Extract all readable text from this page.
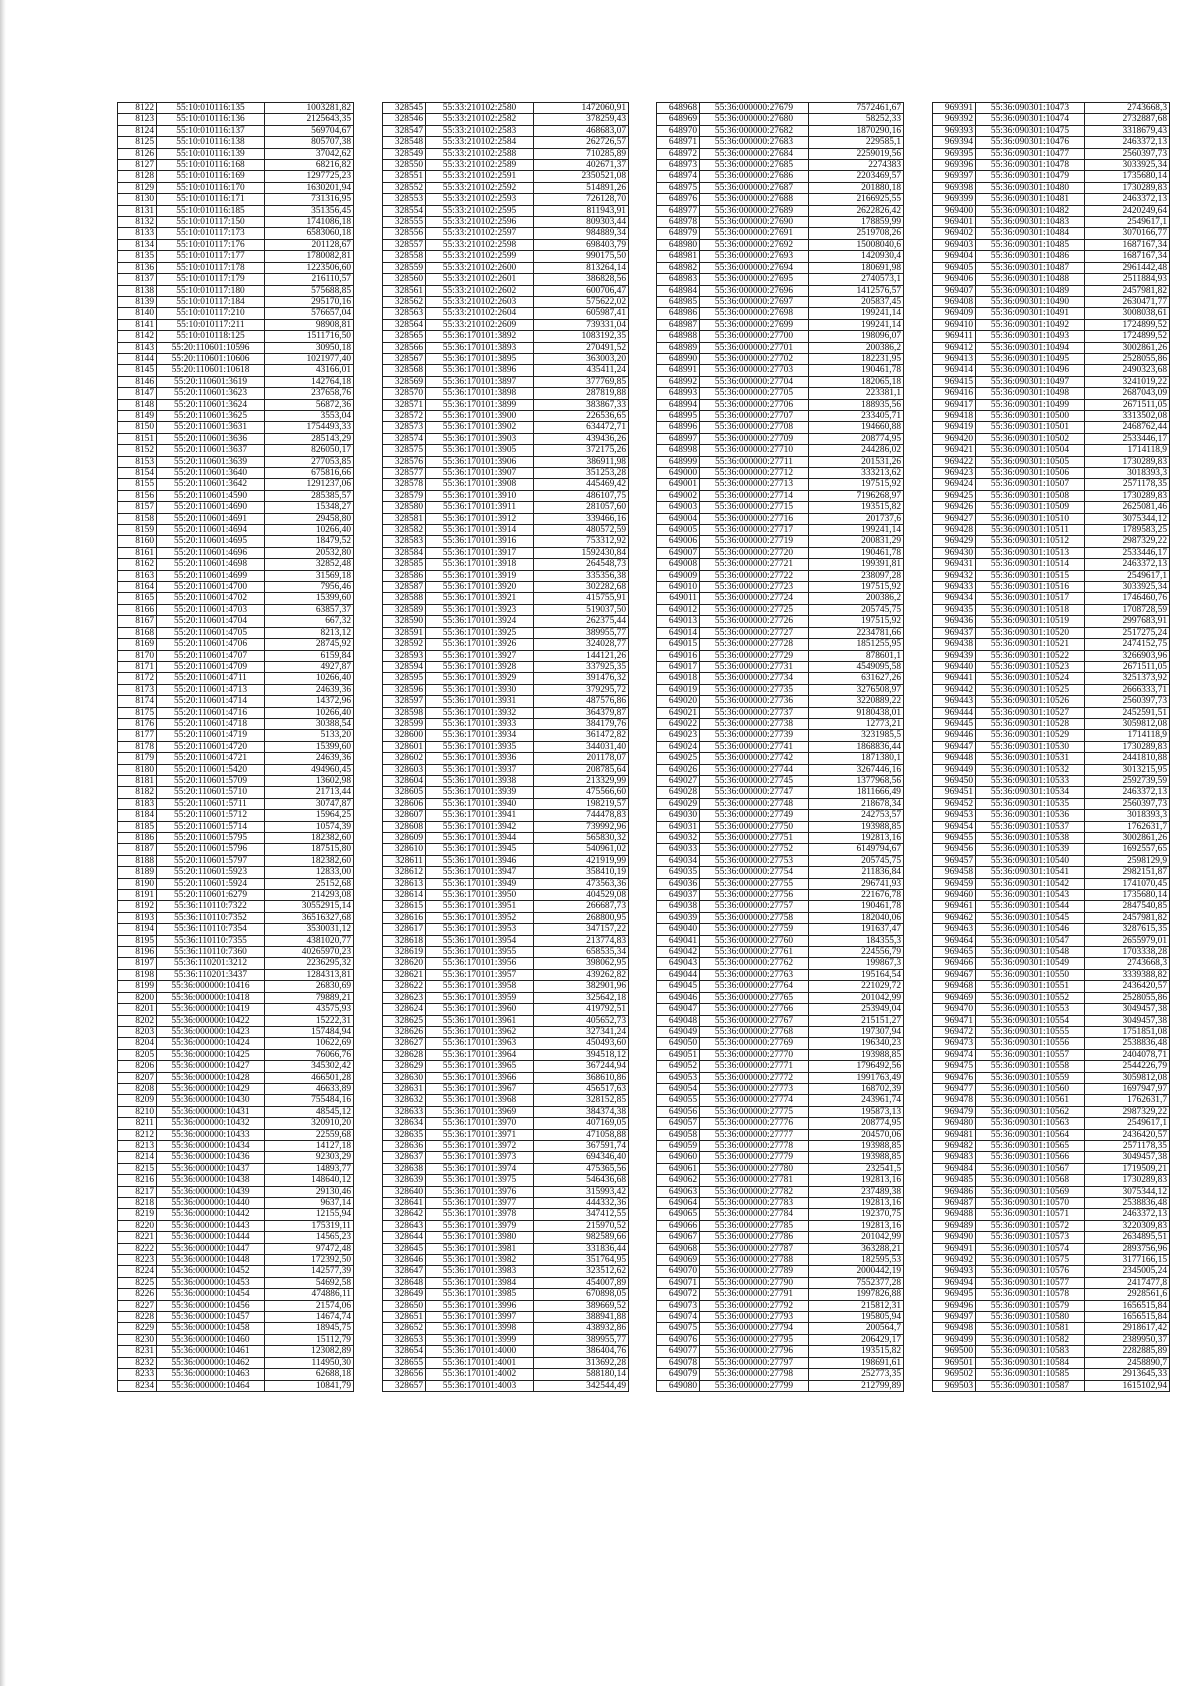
8122	55:10:010116:135	1003281,82
8123	55:10:010116:136	2125643,35
8124	55:10:010116:137	569704,67
8125	55:10:010116:138	805707,38
8126	55:10:010116:139	37042,62
8127	55:10:010116:168	68216,82
8128	55:10:010116:169	1297725,23
8129	55:10:010116:170	1630201,94
8130	55:10:010116:171	731316,95
8131	55:10:010116:185	351356,45
8132	55:10:010117:150	1741086,18
8133	55:10:010117:173	6583060,18
8134	55:10:010117:176	201128,67
8135	55:10:010117:177	1780082,81
8136	55:10:010117:178	1223506,60
8137	55:10:010117:179	216110,57
8138	55:10:010117:180	575688,85
8139	55:10:010117:184	295170,16
8140	55:10:010117:210	576657,04
8141	55:10:010117:211	98908,81
8142	55:10:010118:125	1511716,50
8143	55:20:110601:10596	30950,18
8144	55:20:110601:10606	1021977,40
8145	55:20:110601:10618	43166,01
8146	55:20:110601:3619	142764,18
8147	55:20:110601:3623	237658,76
8148	55:20:110601:3624	56872,36
8149	55:20:110601:3625	3553,04
8150	55:20:110601:3631	1754493,33
8151	55:20:110601:3636	285143,29
8152	55:20:110601:3637	826050,17
8153	55:20:110601:3639	277053,85
8154	55:20:110601:3640	675816,66
8155	55:20:110601:3642	1291237,06
8156	55:20:110601:4590	285385,57
8157	55:20:110601:4690	15348,27
8158	55:20:110601:4691	29458,80
8159	55:20:110601:4694	10266,40
8160	55:20:110601:4695	18479,52
8161	55:20:110601:4696	20532,80
8162	55:20:110601:4698	32852,48
8163	55:20:110601:4699	31569,18
8164	55:20:110601:4700	7956,46
8165	55:20:110601:4702	15399,60
8166	55:20:110601:4703	63857,37
8167	55:20:110601:4704	667,32
8168	55:20:110601:4705	8213,12
8169	55:20:110601:4706	28745,92
8170	55:20:110601:4707	6159,84
8171	55:20:110601:4709	4927,87
8172	55:20:110601:4711	10266,40
8173	55:20:110601:4713	24639,36
8174	55:20:110601:4714	14372,96
8175	55:20:110601:4716	10266,40
8176	55:20:110601:4718	30388,54
8177	55:20:110601:4719	5133,20
8178	55:20:110601:4720	15399,60
8179	55:20:110601:4721	24639,36
8180	55:20:110601:5420	494960,45
8181	55:20:110601:5709	13602,98
8182	55:20:110601:5710	21713,44
8183	55:20:110601:5711	30747,87
8184	55:20:110601:5712	15964,25
8185	55:20:110601:5714	10574,39
8186	55:20:110601:5795	182382,60
8187	55:20:110601:5796	187515,80
8188	55:20:110601:5797	182382,60
8189	55:20:110601:5923	12833,00
8190	55:20:110601:5924	25152,68
8191	55:20:110601:6279	214293,08
8192	55:36:110110:7322	30552915,14
8193	55:36:110110:7352	36516327,68
8194	55:36:110110:7354	3530031,12
8195	55:36:110110:7355	4381020,77
8196	55:36:110110:7360	40265970,23
8197	55:36:110201:3212	2236295,32
8198	55:36:110201:3437	1284313,81
8199	55:36:000000:10416	26830,69
8200	55:36:000000:10418	79889,21
8201	55:36:000000:10419	43575,93
8202	55:36:000000:10422	15222,31
8203	55:36:000000:10423	157484,94
8204	55:36:000000:10424	10622,69
8205	55:36:000000:10425	76066,76
8206	55:36:000000:10427	345302,42
8207	55:36:000000:10428	466501,28
8208	55:36:000000:10429	46633,89
8209	55:36:000000:10430	755484,16
8210	55:36:000000:10431	48545,12
8211	55:36:000000:10432	320910,20
8212	55:36:000000:10433	22559,68
8213	55:36:000000:10434	14127,18
8214	55:36:000000:10436	92303,29
8215	55:36:000000:10437	14893,77
8216	55:36:000000:10438	148640,12
8217	55:36:000000:10439	29130,46
8218	55:36:000000:10440	9637,14
8219	55:36:000000:10442	12155,94
8220	55:36:000000:10443	175319,11
8221	55:36:000000:10444	14565,23
8222	55:36:000000:10447	97472,48
8223	55:36:000000:10448	172392,50
8224	55:36:000000:10452	142577,39
8225	55:36:000000:10453	54692,58
8226	55:36:000000:10454	474886,11
8227	55:36:000000:10456	21574,06
8228	55:36:000000:10457	14674,74
8229	55:36:000000:10458	18945,75
8230	55:36:000000:10460	15112,79
8231	55:36:000000:10461	123082,89
8232	55:36:000000:10462	114950,30
8233	55:36:000000:10463	62688,18
8234	55:36:000000:10464	10841,79
328545	55:33:210102:2580	1472060,91
328546	55:33:210102:2582	378259,43
328547	55:33:210102:2583	468683,07
328548	55:33:210102:2584	262726,57
328549	55:33:210102:2588	710285,89
328550	55:33:210102:2589	402671,37
328551	55:33:210102:2591	2350521,08
328552	55:33:210102:2592	514891,26
328553	55:33:210102:2593	726128,70
328554	55:33:210102:2595	811943,91
328555	55:33:210102:2596	809303,44
328556	55:33:210102:2597	984889,34
328557	55:33:210102:2598	698403,79
328558	55:33:210102:2599	990175,50
328559	55:33:210102:2600	813264,14
328560	55:33:210102:2601	386828,56
328561	55:33:210102:2602	600706,47
328562	55:33:210102:2603	575622,02
328563	55:33:210102:2604	605987,41
328564	55:33:210102:2609	739331,04
328565	55:36:170101:3892	1083192,35
328566	55:36:170101:3893	270491,52
328567	55:36:170101:3895	363003,20
328568	55:36:170101:3896	435411,24
328569	55:36:170101:3897	377769,85
328570	55:36:170101:3898	287819,88
328571	55:36:170101:3899	383867,33
328572	55:36:170101:3900	226536,65
328573	55:36:170101:3902	634472,71
328574	55:36:170101:3903	439436,26
328575	55:36:170101:3905	372175,26
328576	55:36:170101:3906	386911,98
328577	55:36:170101:3907	351253,28
328578	55:36:170101:3908	445469,42
328579	55:36:170101:3910	486107,75
328580	55:36:170101:3911	281057,60
328581	55:36:170101:3912	339466,16
328582	55:36:170101:3914	480572,59
328583	55:36:170101:3916	753312,92
328584	55:36:170101:3917	1592430,84
328585	55:36:170101:3918	264548,73
328586	55:36:170101:3919	335356,38
328587	55:36:170101:3920	302282,68
328588	55:36:170101:3921	415755,91
328589	55:36:170101:3923	519037,50
328590	55:36:170101:3924	262375,44
328591	55:36:170101:3925	389955,77
328592	55:36:170101:3926	324028,77
328593	55:36:170101:3927	144121,26
328594	55:36:170101:3928	337925,35
328595	55:36:170101:3929	391476,32
328596	55:36:170101:3930	379295,72
328597	55:36:170101:3931	487576,86
328598	55:36:170101:3932	364379,87
328599	55:36:170101:3933	384179,76
328600	55:36:170101:3934	361472,82
328601	55:36:170101:3935	344031,40
328602	55:36:170101:3936	201178,07
328603	55:36:170101:3937	208785,64
328604	55:36:170101:3938	213329,99
328605	55:36:170101:3939	475566,60
328606	55:36:170101:3940	198219,57
328607	55:36:170101:3941	744478,83
328608	55:36:170101:3942	739992,96
328609	55:36:170101:3944	565830,32
328610	55:36:170101:3945	540961,02
328611	55:36:170101:3946	421919,99
328612	55:36:170101:3947	358410,19
328613	55:36:170101:3949	473563,36
328614	55:36:170101:3950	404529,08
328615	55:36:170101:3951	266687,73
328616	55:36:170101:3952	268800,95
328617	55:36:170101:3953	347157,22
328618	55:36:170101:3954	213774,83
328619	55:36:170101:3955	658535,34
328620	55:36:170101:3956	398062,95
328621	55:36:170101:3957	439262,82
328622	55:36:170101:3958	382901,96
328623	55:36:170101:3959	325642,18
328624	55:36:170101:3960	419792,51
328625	55:36:170101:3961	405652,73
328626	55:36:170101:3962	327341,24
328627	55:36:170101:3963	450493,60
328628	55:36:170101:3964	394518,12
328629	55:36:170101:3965	367244,94
328630	55:36:170101:3966	368610,86
328631	55:36:170101:3967	456517,63
328632	55:36:170101:3968	328152,85
328633	55:36:170101:3969	384374,38
328634	55:36:170101:3970	407169,05
328635	55:36:170101:3971	471058,88
328636	55:36:170101:3972	367591,74
328637	55:36:170101:3973	694346,40
328638	55:36:170101:3974	475365,56
328639	55:36:170101:3975	546436,68
328640	55:36:170101:3976	315993,42
328641	55:36:170101:3977	444332,36
328642	55:36:170101:3978	347412,55
328643	55:36:170101:3979	215970,52
328644	55:36:170101:3980	982589,66
328645	55:36:170101:3981	331836,44
328646	55:36:170101:3982	351764,95
328647	55:36:170101:3983	323512,62
328648	55:36:170101:3984	454007,89
328649	55:36:170101:3985	670898,05
328650	55:36:170101:3996	389669,52
328651	55:36:170101:3997	388941,88
328652	55:36:170101:3998	438932,86
328653	55:36:170101:3999	389955,77
328654	55:36:170101:4000	386404,76
328655	55:36:170101:4001	313692,28
328656	55:36:170101:4002	588180,14
328657	55:36:170101:4003	342544,49
648968	55:36:000000:27679	7572461,67
648969	55:36:000000:27680	58252,33
648970	55:36:000000:27682	1870290,16
648971	55:36:000000:27683	229585,1
648972	55:36:000000:27684	2259019,56
648973	55:36:000000:27685	2274383
648974	55:36:000000:27686	2203469,57
648975	55:36:000000:27687	201880,18
648976	55:36:000000:27688	2166925,55
648977	55:36:000000:27689	2622826,42
648978	55:36:000000:27690	178859,99
648979	55:36:000000:27691	2519708,26
648980	55:36:000000:27692	15008040,6
648981	55:36:000000:27693	1420930,4
648982	55:36:000000:27694	180691,98
648983	55:36:000000:27695	2740573,1
648984	55:36:000000:27696	1412576,57
648985	55:36:000000:27697	205837,45
648986	55:36:000000:27698	199241,14
648987	55:36:000000:27699	199241,14
648988	55:36:000000:27700	198096,07
648989	55:36:000000:27701	200386,2
648990	55:36:000000:27702	182231,95
648991	55:36:000000:27703	190461,78
648992	55:36:000000:27704	182065,18
648993	55:36:000000:27705	223381,1
648994	55:36:000000:27706	188935,56
648995	55:36:000000:27707	233405,71
648996	55:36:000000:27708	194660,88
648997	55:36:000000:27709	208774,95
648998	55:36:000000:27710	244286,02
648999	55:36:000000:27711	201531,26
649000	55:36:000000:27712	333213,62
649001	55:36:000000:27713	197515,92
649002	55:36:000000:27714	7196268,97
649003	55:36:000000:27715	193515,82
649004	55:36:000000:27716	201737,6
649005	55:36:000000:27717	199241,14
649006	55:36:000000:27719	200831,29
649007	55:36:000000:27720	190461,78
649008	55:36:000000:27721	199391,81
649009	55:36:000000:27722	238097,28
649010	55:36:000000:27723	197515,92
649011	55:36:000000:27724	200386,2
649012	55:36:000000:27725	205745,75
649013	55:36:000000:27726	197515,92
649014	55:36:000000:27727	2234781,66
649015	55:36:000000:27728	1851255,95
649016	55:36:000000:27729	878601,1
649017	55:36:000000:27731	4549095,58
649018	55:36:000000:27734	631627,26
649019	55:36:000000:27735	3276508,97
649020	55:36:000000:27736	3220889,22
649021	55:36:000000:27737	9180438,01
649022	55:36:000000:27738	12773,21
649023	55:36:000000:27739	3231985,5
649024	55:36:000000:27741	1868836,44
649025	55:36:000000:27742	1871380,1
649026	55:36:000000:27744	3267446,16
649027	55:36:000000:27745	1377968,56
649028	55:36:000000:27747	1811666,49
649029	55:36:000000:27748	218678,34
649030	55:36:000000:27749	242753,57
649031	55:36:000000:27750	193988,85
649032	55:36:000000:27751	192813,16
649033	55:36:000000:27752	6149794,67
649034	55:36:000000:27753	205745,75
649035	55:36:000000:27754	211836,84
649036	55:36:000000:27755	296741,93
649037	55:36:000000:27756	221676,78
649038	55:36:000000:27757	190461,78
649039	55:36:000000:27758	182040,06
649040	55:36:000000:27759	191637,47
649041	55:36:000000:27760	184355,3
649042	55:36:000000:27761	224556,79
649043	55:36:000000:27762	199867,3
649044	55:36:000000:27763	195164,54
649045	55:36:000000:27764	221029,72
649046	55:36:000000:27765	201042,99
649047	55:36:000000:27766	253949,04
649048	55:36:000000:27767	215151,27
649049	55:36:000000:27768	197307,94
649050	55:36:000000:27769	196340,23
649051	55:36:000000:27770	193988,85
649052	55:36:000000:27771	1796492,56
649053	55:36:000000:27772	1991763,49
649054	55:36:000000:27773	168702,39
649055	55:36:000000:27774	243961,74
649056	55:36:000000:27775	195873,13
649057	55:36:000000:27776	208774,95
649058	55:36:000000:27777	204570,06
649059	55:36:000000:27778	193988,85
649060	55:36:000000:27779	193988,85
649061	55:36:000000:27780	232541,5
649062	55:36:000000:27781	192813,16
649063	55:36:000000:27782	237489,38
649064	55:36:000000:27783	192813,16
649065	55:36:000000:27784	192370,75
649066	55:36:000000:27785	192813,16
649067	55:36:000000:27786	201042,99
649068	55:36:000000:27787	363288,21
649069	55:36:000000:27788	182595,53
649070	55:36:000000:27789	2000442,19
649071	55:36:000000:27790	7552377,28
649072	55:36:000000:27791	1997826,88
649073	55:36:000000:27792	215812,31
649074	55:36:000000:27793	195805,94
649075	55:36:000000:27794	200564,7
649076	55:36:000000:27795	206429,17
649077	55:36:000000:27796	193515,82
649078	55:36:000000:27797	198691,61
649079	55:36:000000:27798	252773,35
649080	55:36:000000:27799	212799,89
969391	55:36:090301:10473	2743668,3
969392	55:36:090301:10474	2732887,68
969393	55:36:090301:10475	3318679,43
969394	55:36:090301:10476	2463372,13
969395	55:36:090301:10477	2560397,73
969396	55:36:090301:10478	3033925,34
969397	55:36:090301:10479	1735680,14
969398	55:36:090301:10480	1730289,83
969399	55:36:090301:10481	2463372,13
969400	55:36:090301:10482	2420249,64
969401	55:36:090301:10483	2549617,1
969402	55:36:090301:10484	3070166,77
969403	55:36:090301:10485	1687167,34
969404	55:36:090301:10486	1687167,34
969405	55:36:090301:10487	2961442,48
969406	55:36:090301:10488	2511884,93
969407	55:36:090301:10489	2457981,82
969408	55:36:090301:10490	2630471,77
969409	55:36:090301:10491	3008038,61
969410	55:36:090301:10492	1724899,52
969411	55:36:090301:10493	1724899,52
969412	55:36:090301:10494	3002861,26
969413	55:36:090301:10495	2528055,86
969414	55:36:090301:10496	2490323,68
969415	55:36:090301:10497	3241019,22
969416	55:36:090301:10498	2687043,09
969417	55:36:090301:10499	2671511,05
969418	55:36:090301:10500	3313502,08
969419	55:36:090301:10501	2468762,44
969420	55:36:090301:10502	2533446,17
969421	55:36:090301:10504	1714118,9
969422	55:36:090301:10505	1730289,83
969423	55:36:090301:10506	3018393,3
969424	55:36:090301:10507	2571178,35
969425	55:36:090301:10508	1730289,83
969426	55:36:090301:10509	2625081,46
969427	55:36:090301:10510	3075344,12
969428	55:36:090301:10511	1789583,25
969429	55:36:090301:10512	2987329,22
969430	55:36:090301:10513	2533446,17
969431	55:36:090301:10514	2463372,13
969432	55:36:090301:10515	2549617,1
969433	55:36:090301:10516	3033925,34
969434	55:36:090301:10517	1746460,76
969435	55:36:090301:10518	1708728,59
969436	55:36:090301:10519	2997683,91
969437	55:36:090301:10520	2517275,24
969438	55:36:090301:10521	2474152,75
969439	55:36:090301:10522	3266903,96
969440	55:36:090301:10523	2671511,05
969441	55:36:090301:10524	3251373,92
969442	55:36:090301:10525	2666333,71
969443	55:36:090301:10526	2560397,73
969444	55:36:090301:10527	2452591,51
969445	55:36:090301:10528	3059812,08
969446	55:36:090301:10529	1714118,9
969447	55:36:090301:10530	1730289,83
969448	55:36:090301:10531	2441810,88
969449	55:36:090301:10532	3013215,95
969450	55:36:090301:10533	2592739,59
969451	55:36:090301:10534	2463372,13
969452	55:36:090301:10535	2560397,73
969453	55:36:090301:10536	3018393,3
969454	55:36:090301:10537	1762631,7
969455	55:36:090301:10538	3002861,26
969456	55:36:090301:10539	1692557,65
969457	55:36:090301:10540	2598129,9
969458	55:36:090301:10541	2982151,87
969459	55:36:090301:10542	1741070,45
969460	55:36:090301:10543	1735680,14
969461	55:36:090301:10544	2847540,85
969462	55:36:090301:10545	2457981,82
969463	55:36:090301:10546	3287615,35
969464	55:36:090301:10547	2655979,01
969465	55:36:090301:10548	1703338,28
969466	55:36:090301:10549	2743668,3
969467	55:36:090301:10550	3339388,82
969468	55:36:090301:10551	2436420,57
969469	55:36:090301:10552	2528055,86
969470	55:36:090301:10553	3049457,38
969471	55:36:090301:10554	3049457,38
969472	55:36:090301:10555	1751851,08
969473	55:36:090301:10556	2538836,48
969474	55:36:090301:10557	2404078,71
969475	55:36:090301:10558	2544226,79
969476	55:36:090301:10559	3059812,08
969477	55:36:090301:10560	1697947,97
969478	55:36:090301:10561	1762631,7
969479	55:36:090301:10562	2987329,22
969480	55:36:090301:10563	2549617,1
969481	55:36:090301:10564	2436420,57
969482	55:36:090301:10565	2571178,35
969483	55:36:090301:10566	3049457,38
969484	55:36:090301:10567	1719509,21
969485	55:36:090301:10568	1730289,83
969486	55:36:090301:10569	3075344,12
969487	55:36:090301:10570	2538836,48
969488	55:36:090301:10571	2463372,13
969489	55:36:090301:10572	3220309,83
969490	55:36:090301:10573	2634895,51
969491	55:36:090301:10574	2893756,96
969492	55:36:090301:10575	3177166,15
969493	55:36:090301:10576	2345005,24
969494	55:36:090301:10577	2417477,8
969495	55:36:090301:10578	2928561,6
969496	55:36:090301:10579	1656515,84
969497	55:36:090301:10580	1656515,84
969498	55:36:090301:10581	2918617,42
969499	55:36:090301:10582	2389950,37
969500	55:36:090301:10583	2282885,89
969501	55:36:090301:10584	2458890,7
969502	55:36:090301:10585	2913645,33
969503	55:36:090301:10587	1615102,94
